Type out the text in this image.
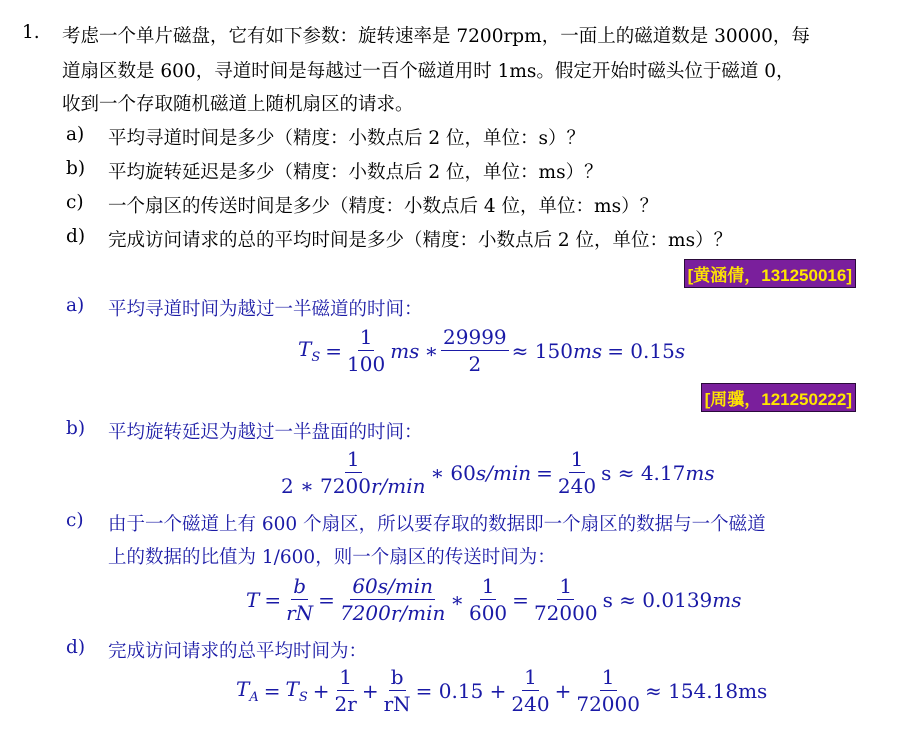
1. 考虑一个单片磁盘，它有如下参数：旋转速率是 7200rpm，一面上的磁道数是 30000，每
道扇区数是 600，寻道时间是每越过一百个磁道用时 1ms。假定开始时磁头位于磁道 0，
收到一个存取随机磁道上随机扇区的请求。
a) 平均寻道时间是多少（精度：小数点后 2 位，单位：s）？
b) 平均旋转延迟是多少（精度：小数点后 2 位，单位：ms）？
c) 一个扇区的传送时间是多少（精度：小数点后 4 位，单位：ms）？
d) 完成访问请求的总的平均时间是多少（精度：小数点后 2 位，单位：ms）？
[黄涵倩，131250016]
a) 平均寻道时间为越过一半磁道的时间：
$T_S = \frac{1}{100}$ ms ∗ $\frac{29999}{2} \approx 150$ ms = 0.15 s
[周骥，121250222]
b) 平均旋转延迟为越过一半盘面的时间：
$\frac{1}{2 ∗ 7200r/\min}$ ∗ 60 $s/\min = \frac{1}{240}$ s ≈ 4.17 ms
c) 由于一个磁道上有 600 个扇区，所以要存取的数据即一个扇区的数据与一个磁道
上的数据的比值为 1/600，则一个扇区的传送时间为：
$T = \frac{b}{rN} = \frac{60s/\min}{7200r/\min}$ ∗ $\frac{1}{600} = \frac{1}{72000}$ s ≈ 0.0139 ms
d) 完成访问请求的总平均时间为：
$T_A = T_S + \frac{1}{2r} + \frac{b}{rN} = 0.15 + \frac{1}{240} + \frac{1}{72000} \approx 154.18ms$
